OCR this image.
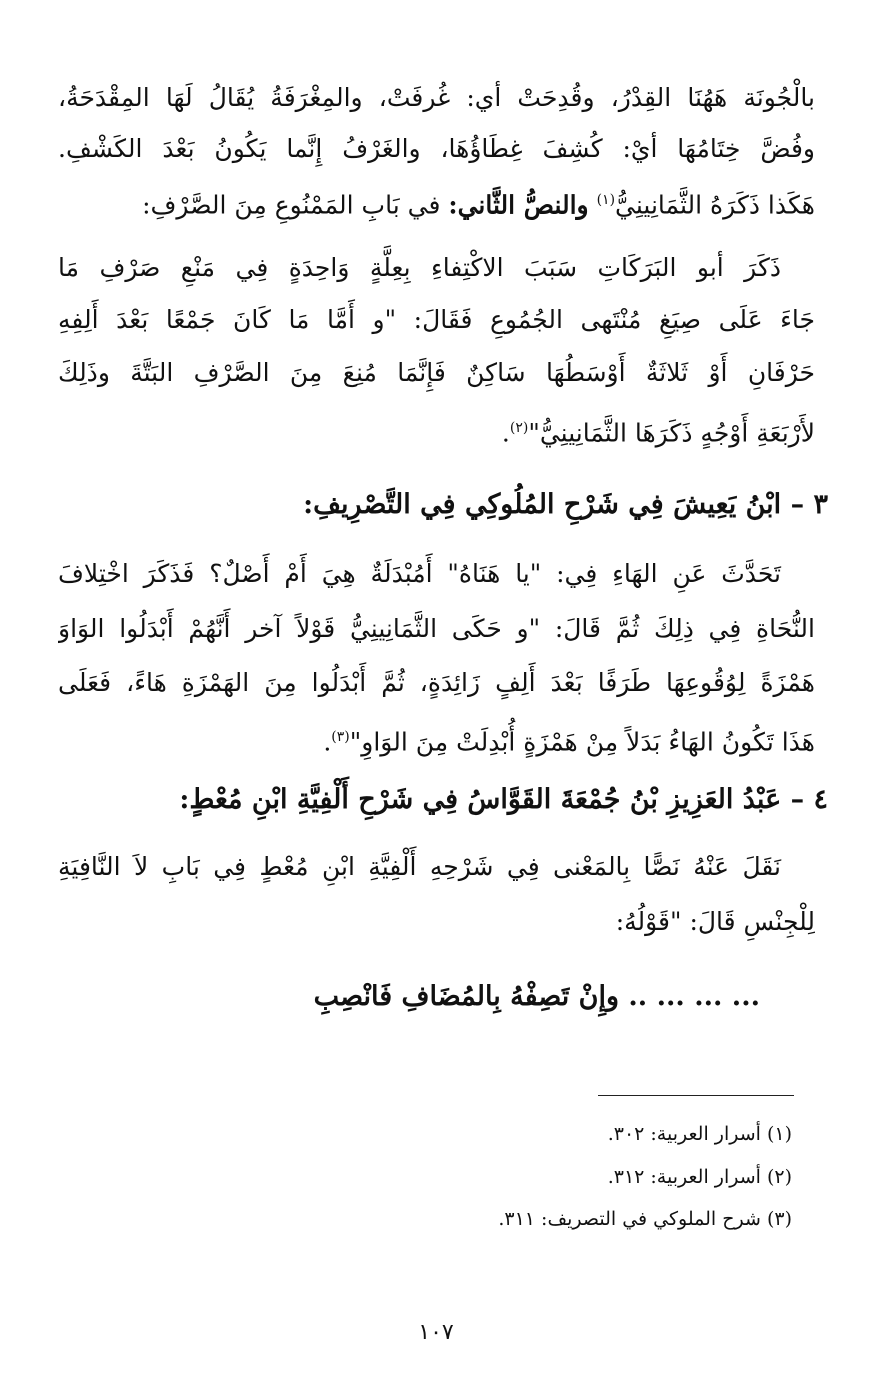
بالْجُونَة هَهُنَا القِدْرُ، وقُدِحَتْ أي: غُرفَتْ، والمِغْرَفَةُ يُقَالُ لَهَا المِقْدَحَةُ،
وفُضَّ خِتَامُهَا أيْ: كُشِفَ غِطَاؤُهَا، والغَرْفُ إِنَّما يَكُونُ بَعْدَ الكَشْفِ.
هَكَذا ذَكَرَهُ الثَّمَانِينِيُّ$^{(١)}$ والنصُّ الثَّاني: في بَابِ المَمْنُوعِ مِنَ الصَّرْفِ:
ذَكَرَ أبو البَرَكَاتِ سَبَبَ الاكْتِفاءِ بِعِلَّةٍ وَاحِدَةٍ فِي مَنْعِ صَرْفِ مَا
جَاءَ عَلَى صِيَغِ مُنْتَهى الجُمُوعِ فَقَالَ: "و أَمَّا مَا كَانَ جَمْعًا بَعْدَ أَلِفِهِ
حَرْفَانِ أَوْ ثَلاثَةٌ أَوْسَطُهَا سَاكِنٌ فَإِنَّمَا مُنِعَ مِنَ الصَّرْفِ البَتَّةَ وذَلِكَ
لأَرْبَعَةِ أَوْجُهٍ ذَكَرَهَا الثَّمَانِينِيُّ"$^{(٢)}$.
٣ – ابْنُ يَعِيشَ فِي شَرْحِ المُلُوكِي فِي التَّصْرِيفِ:
تَحَدَّثَ عَنِ الهَاءِ فِي: "يا هَنَاهُ" أَمُبْدَلَةٌ هِيَ أَمْ أَصْلٌ؟ فَذَكَرَ اخْتِلافَ
النُّحَاةِ فِي ذِلِكَ ثُمَّ قَالَ: "و حَكَى الثَّمَانِينِيُّ قَوْلاً آخر أَنَّهُمْ أَبْدَلُوا الوَاوَ
هَمْزَةً لِوُقُوعِهَا طَرَفًا بَعْدَ أَلِفٍ زَائِدَةٍ، ثُمَّ أَبْدَلُوا مِنَ الهَمْزَةِ هَاءً، فَعَلَى
هَذَا تَكُونُ الهَاءُ بَدَلاً مِنْ هَمْزَةٍ أُبْدِلَتْ مِنَ الوَاوِ"$^{(٣)}$.
٤ – عَبْدُ العَزِيزِ بْنُ جُمْعَةَ القَوَّاسُ فِي شَرْحِ أَلْفِيَّةِ ابْنِ مُعْطٍ:
نَقَلَ عَنْهُ نَصًّا بِالمَعْنى فِي شَرْحِهِ أَلْفِيَّةِ ابْنِ مُعْطٍ فِي بَابِ لاَ النَّافِيَةِ
لِلْجِنْسِ قَالَ: "قَوْلُهُ:
... ... ... .. وإِنْ تَصِفْهُ بِالمُضَافِ فَانْصِبِ
(١) أسرار العربية: ٣٠٢.
(٢) أسرار العربية: ٣١٢.
(٣) شرح الملوكي في التصريف: ٣١١.
١٠٧
